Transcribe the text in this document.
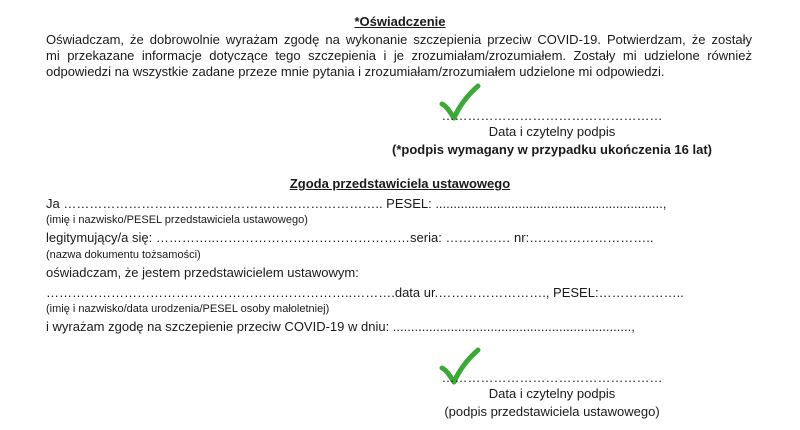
*Oświadczenie
Oświadczam, że dobrowolnie wyrażam zgodę na wykonanie szczepienia przeciw COVID-19. Potwierdzam, że zostały
mi przekazane informacje dotyczące tego szczepienia i je zrozumiałam/zrozumiałem. Zostały mi udzielone również
odpowiedzi na wszystkie zadane przeze mnie pytania i zrozumiałam/zrozumiałem udzielone mi odpowiedzi.
……………………………………………
Data i czytelny podpis
(*podpis wymagany w przypadku ukończenia 16 lat)
Zgoda przedstawiciela ustawowego
Ja ……………………………………………………………….. PESEL: ...............................................................,
(imię i nazwisko/PESEL przedstawiciela ustawowego)
legitymujący/a się: …………..………………………………………seria: …………… nr:………………………..
(nazwa dokumentu tożsamości)
oświadczam, że jestem przedstawicielem ustawowym:
……………………………………………………………..……….data ur.……………………., PESEL:………………..
(imię i nazwisko/data urodzenia/PESEL osoby małoletniej)
i wyrażam zgodę na szczepienie przeciw COVID-19 w dniu: ..................................................................,
……………………………………………
Data i czytelny podpis
(podpis przedstawiciela ustawowego)
